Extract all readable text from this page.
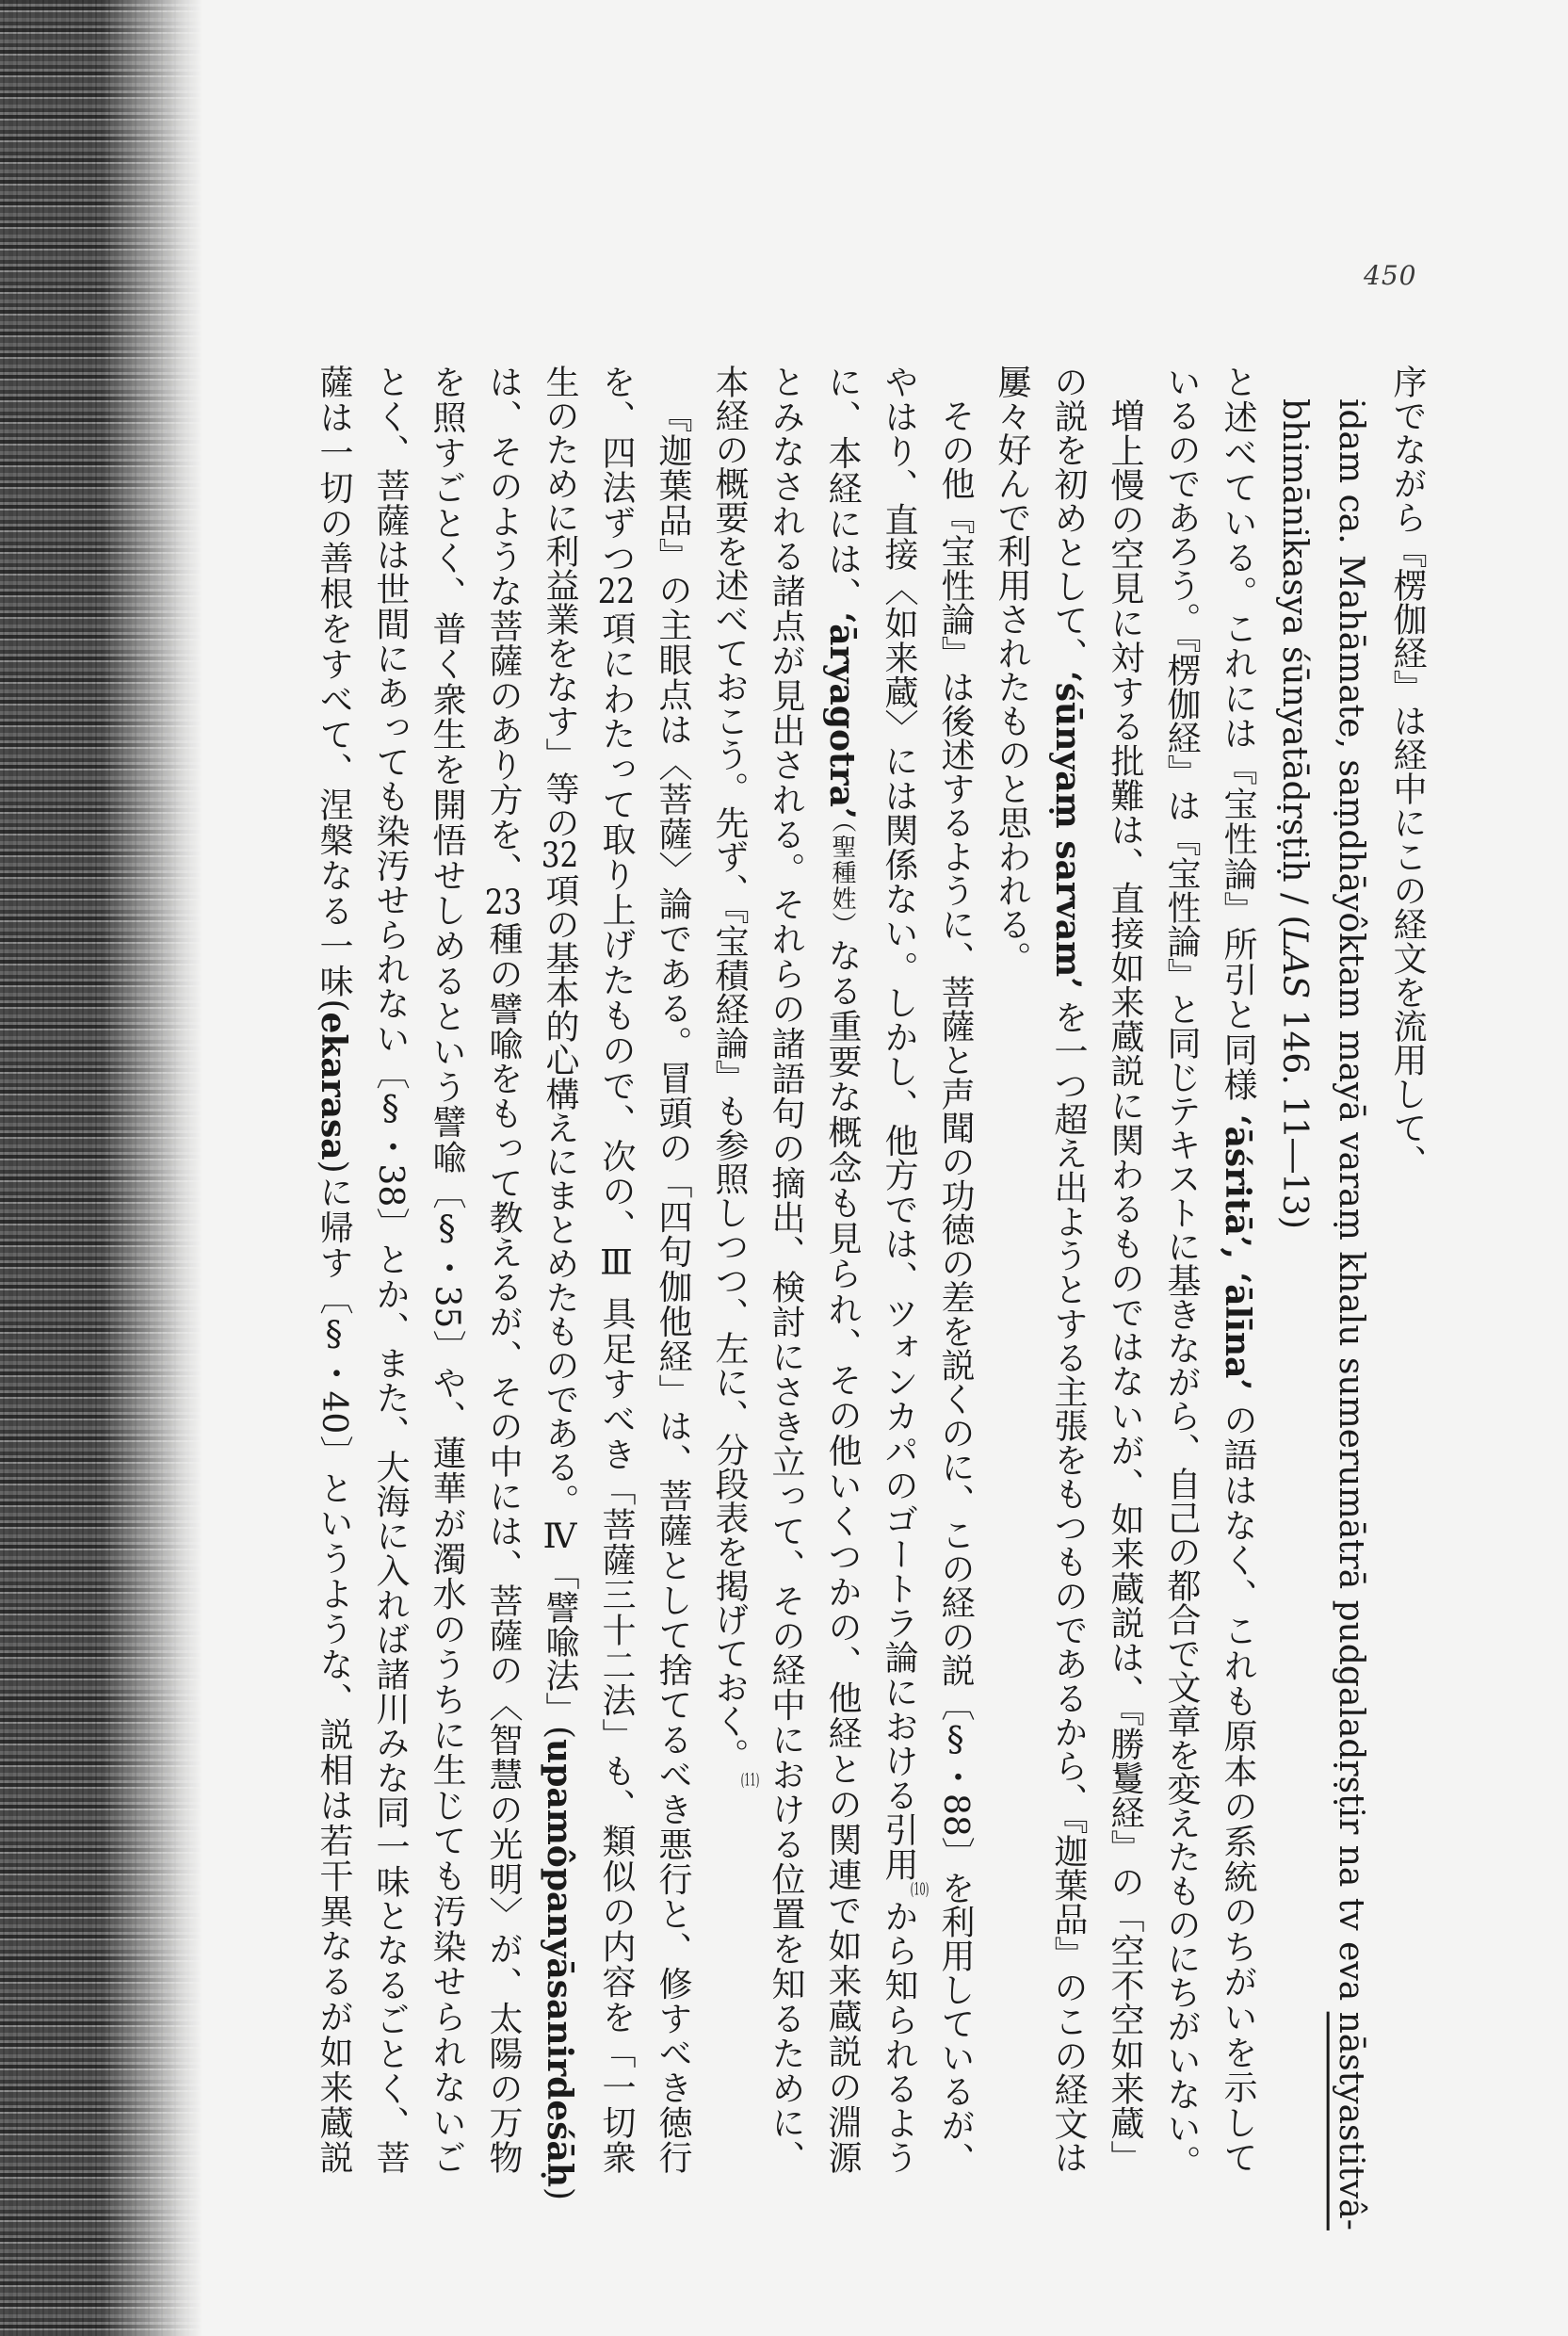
450
序でながら『楞伽経』は経中にこの経文を流用して、
idam ca. Mahāmate, saṃdhāyôktam mayā varaṃ khalu sumerumātrā pudgaladṛṣṭir na tv eva nāstyastitvâ-
bhimānikasya śūnyatādṛṣṭiḥ / (LAS 146. 11―13)
と述べている。これには『宝性論』所引と同様 ‘āśritā’, ‘ālīna’ の語はなく、これも原本の系統のちがいを示して
いるのであろう。『楞伽経』は『宝性論』と同じテキストに基きながら、自己の都合で文章を変えたものにちがいない。
増上慢の空見に対する批難は、直接如来蔵説に関わるものではないが、如来蔵説は、『勝鬘経』の「空不空如来蔵」
の説を初めとして、‘śūnyaṃ sarvam’ を一つ超え出ようとする主張をもつものであるから、『迦葉品』のこの経文は
屢々好んで利用されたものと思われる。
その他『宝性論』は後述するように、菩薩と声聞の功徳の差を説くのに、この経の説〔§・88〕を利用しているが、
やはり、直接〈如来蔵〉には関係ない。しかし、他方では、ツォンカパのゴートラ論における引用(10)から知られるよう
に、本経には、‘āryagotra’（聖種姓）なる重要な概念も見られ、その他いくつかの、他経との関連で如来蔵説の淵源
とみなされる諸点が見出される。それらの諸語句の摘出、検討にさき立って、その経中における位置を知るために、
本経の概要を述べておこう。先ず、『宝積経論』も参照しつつ、左に、分段表を掲げておく。(11)
『迦葉品』の主眼点は〈菩薩〉論である。冒頭の「四句伽他経」は、菩薩として捨てるべき悪行と、修すべき徳行
を、四法ずつ22項にわたって取り上げたもので、次の、Ⅲ 具足すべき「菩薩三十二法」も、類似の内容を「一切衆
生のために利益業をなす」等の32項の基本的心構えにまとめたものである。Ⅳ「譬喩法」(upamôpanyāsanirdeśāḥ)
は、そのような菩薩のあり方を、23種の譬喩をもって教えるが、その中には、菩薩の〈智慧の光明〉が、太陽の万物
を照すごとく、普く衆生を開悟せしめるという譬喩〔§・35〕や、蓮華が濁水のうちに生じても汚染せられないご
とく、菩薩は世間にあっても染汚せられない〔§・38〕とか、また、大海に入れば諸川みな同一味となるごとく、菩
薩は一切の善根をすべて、涅槃なる一味(ekarasa)に帰す〔§・40〕というような、説相は若干異なるが如来蔵説
